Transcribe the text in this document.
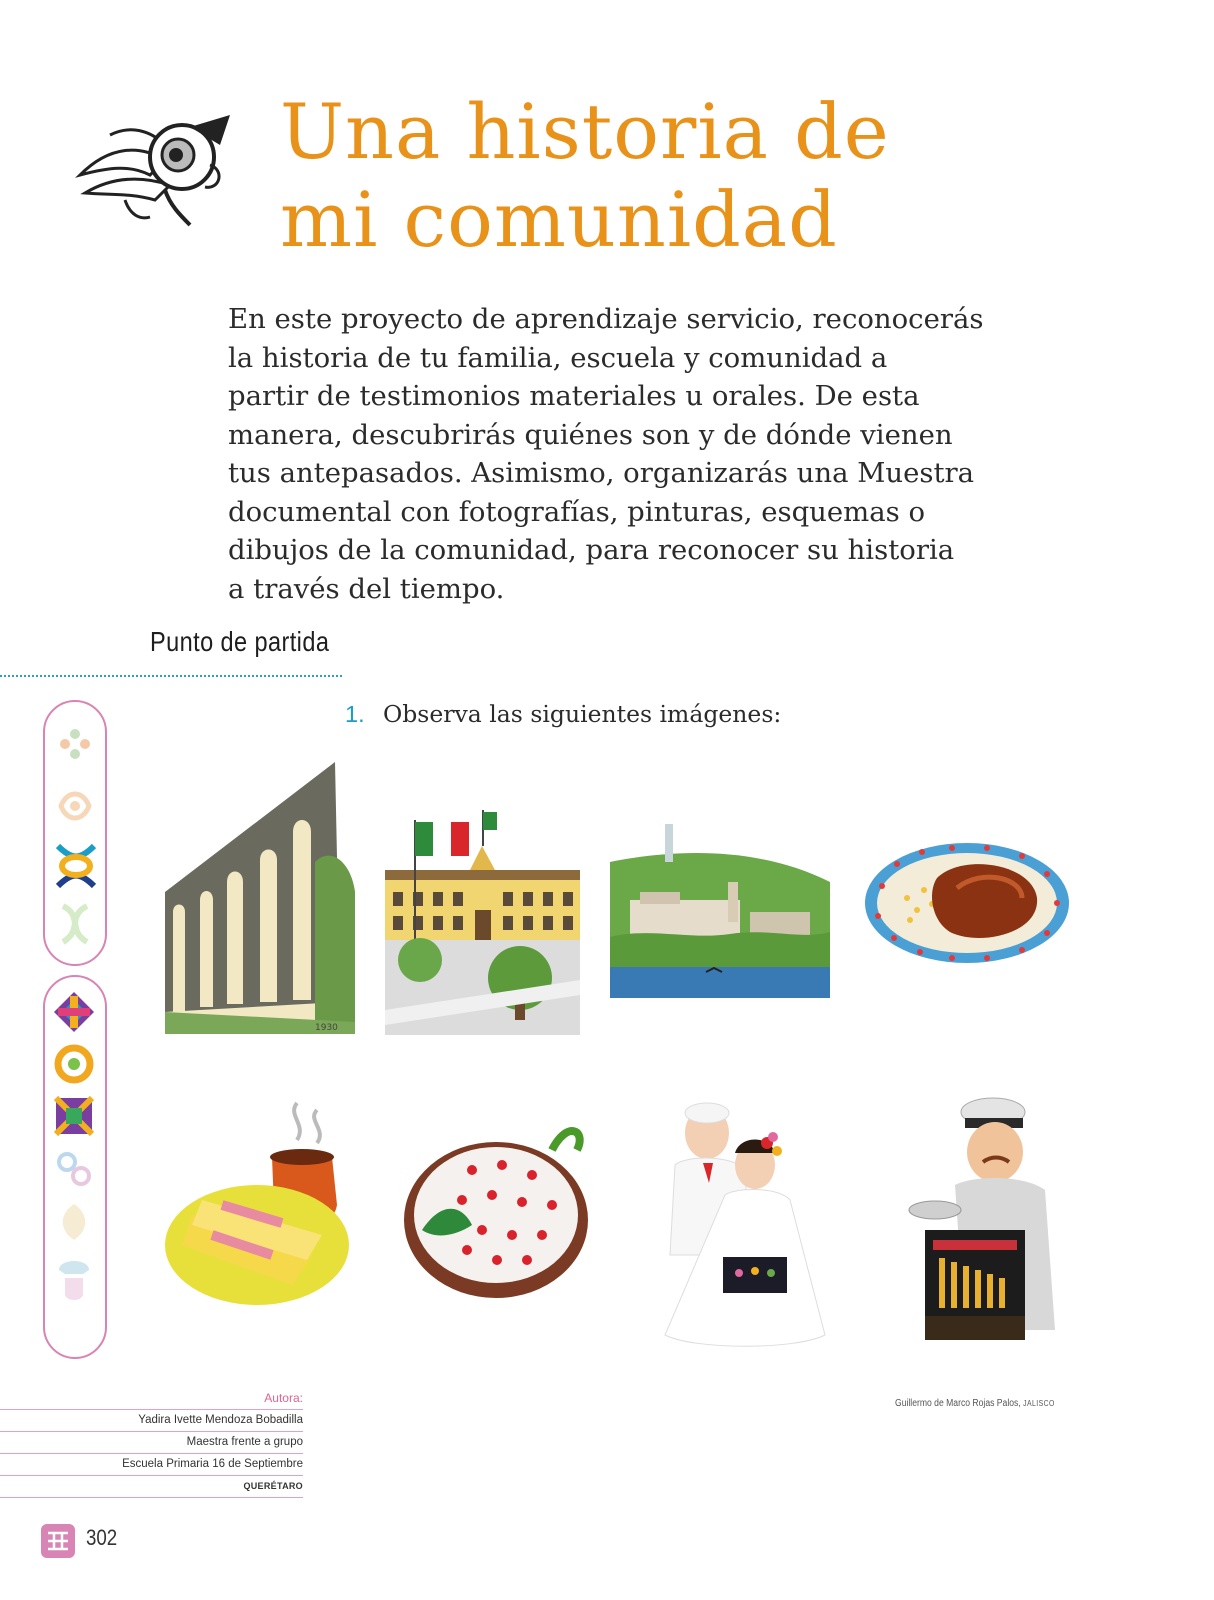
Una historia de
mi comunidad

En este proyecto de aprendizaje servicio, reconocerás
la historia de tu familia, escuela y comunidad a
partir de testimonios materiales u orales. De esta
manera, descubrirás quiénes son y de dónde vienen
tus antepasados. Asimismo, organizarás una Muestra
documental con fotografías, pinturas, esquemas o
dibujos de la comunidad, para reconocer su historia
a través del tiempo.

Punto de partida
1. Observa las siguientes imágenes:
1930
Guillermo de Marco Rojas Palos, JALISCO
Autora:
Yadira Ivette Mendoza Bobadilla
Maestra frente a grupo
Escuela Primaria 16 de Septiembre
QUERÉTARO
302
